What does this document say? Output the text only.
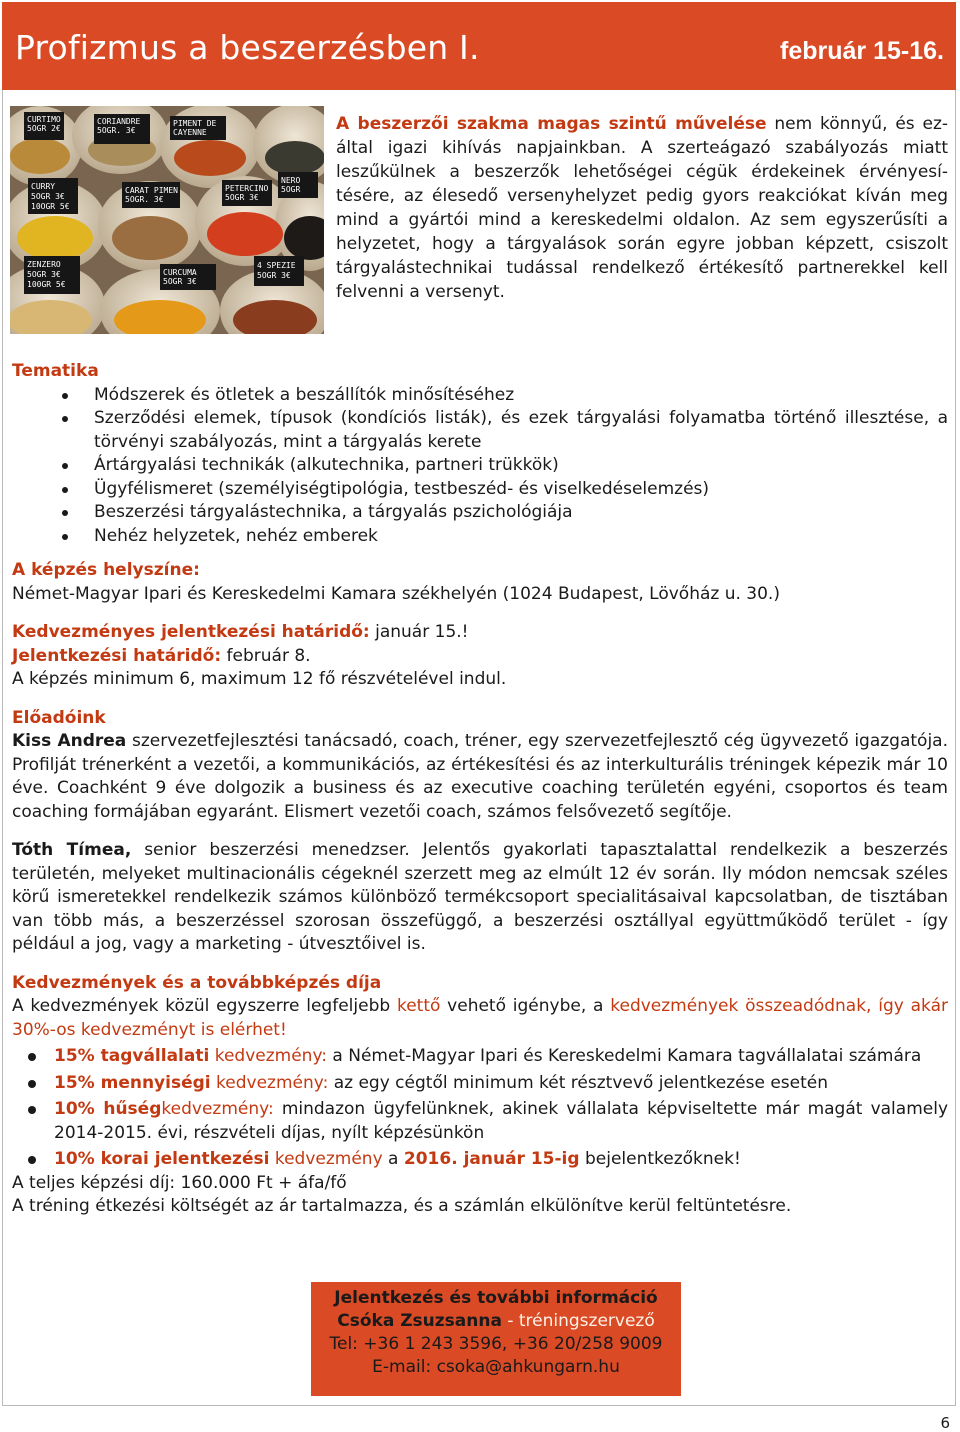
Profizmus a beszerzésben I.	február 15-16.
CURTIMO
5OGR 2€
CORIANDRE
5OGR. 3€
PIMENT DE
CAYENNE
CURRY
5OGR 3€
10OGR 5€
CARAT PIMEN
5OGR. 3€
PETERCINO
5OGR 3€
NERO
5OGR
ZENZERO
5OGR 3€
100GR 5€
CURCUMA
5OGR 3€
4 SPEZIE
5OGR 3€
A beszerzői szakma magas szintű művelése nem könnyű, és ez-által igazi kihívás napjainkban. A szerteágazó szabályozás miatt leszűkülnek a beszerzők lehetőségei cégük érdekeinek érvényesí-tésére, az élesedő versenyhelyzet pedig gyors reakciókat kíván meg mind a gyártói mind a kereskedelmi oldalon. Az sem egyszerűsíti a helyzetet, hogy a tárgyalások során egyre jobban képzett, csiszolt tárgyalástechnikai tudással rendelkező értékesítő partnerekkel kell felvenni a versenyt.
Tematika
Módszerek és ötletek a beszállítók minősítéséhez
Szerződési elemek, típusok (kondíciós listák), és ezek tárgyalási folyamatba történő illesztése, a törvényi szabályozás, mint a tárgyalás kerete
Ártárgyalási technikák (alkutechnika, partneri trükkök)
Ügyfélismeret (személyiségtipológia, testbeszéd- és viselkedéselemzés)
Beszerzési tárgyalástechnika, a tárgyalás pszichológiája
Nehéz helyzetek, nehéz emberek
A képzés helyszíne:

Német-Magyar Ipari és Kereskedelmi Kamara székhelyén (1024 Budapest, Lövőház u. 30.)

Kedvezményes jelentkezési határidő: január 15.!

Jelentkezési határidő: február 8.

A képzés minimum 6, maximum 12 fő részvételével indul.

Előadóink

Kiss Andrea szervezetfejlesztési tanácsadó, coach, tréner, egy szervezetfejlesztő cég ügyvezető igazgatója. Profilját trénerként a vezetői, a kommunikációs, az értékesítési és az interkulturális tréningek képezik már 10 éve. Coachként 9 éve dolgozik a business és az executive coaching területén egyéni, csoportos és team coaching formájában egyaránt. Elismert vezetői coach, számos felsővezető segítője.

Tóth Tímea, senior beszerzési menedzser. Jelentős gyakorlati tapasztalattal rendelkezik a beszerzés területén, melyeket multinacionális cégeknél szerzett meg az elmúlt 12 év során. Ily módon nemcsak széles körű ismeretekkel rendelkezik számos különböző termékcsoport specialitásaival kapcsolatban, de tisztában van több más, a beszerzéssel szorosan összefüggő, a beszerzési osztállyal együttműködő terület - így például a jog, vagy a marketing - útvesztőivel is.

Kedvezmények és a továbbképzés díja

A kedvezmények közül egyszerre legfeljebb kettő vehető igénybe, a kedvezmények összeadódnak, így akár 30%-os kedvezményt is elérhet!

15% tagvállalati kedvezmény: a Német-Magyar Ipari és Kereskedelmi Kamara tagvállalatai számára
15% mennyiségi kedvezmény: az egy cégtől minimum két résztvevő jelentkezése esetén
10% hűségkedvezmény: mindazon ügyfelünknek, akinek vállalata képviseltette már magát valamely 2014-2015. évi, részvételi díjas, nyílt képzésünkön
10% korai jelentkezési kedvezmény a 2016. január 15-ig bejelentkezőknek!

A teljes képzési díj: 160.000 Ft + áfa/fő

A tréning étkezési költségét az ár tartalmazza, és a számlán elkülönítve kerül feltüntetésre.

Jelentkezés és további információ
Csóka Zsuzsanna - tréningszervező
Tel: +36 1 243 3596, +36 20/258 9009
E-mail: csoka@ahkungarn.hu
6
